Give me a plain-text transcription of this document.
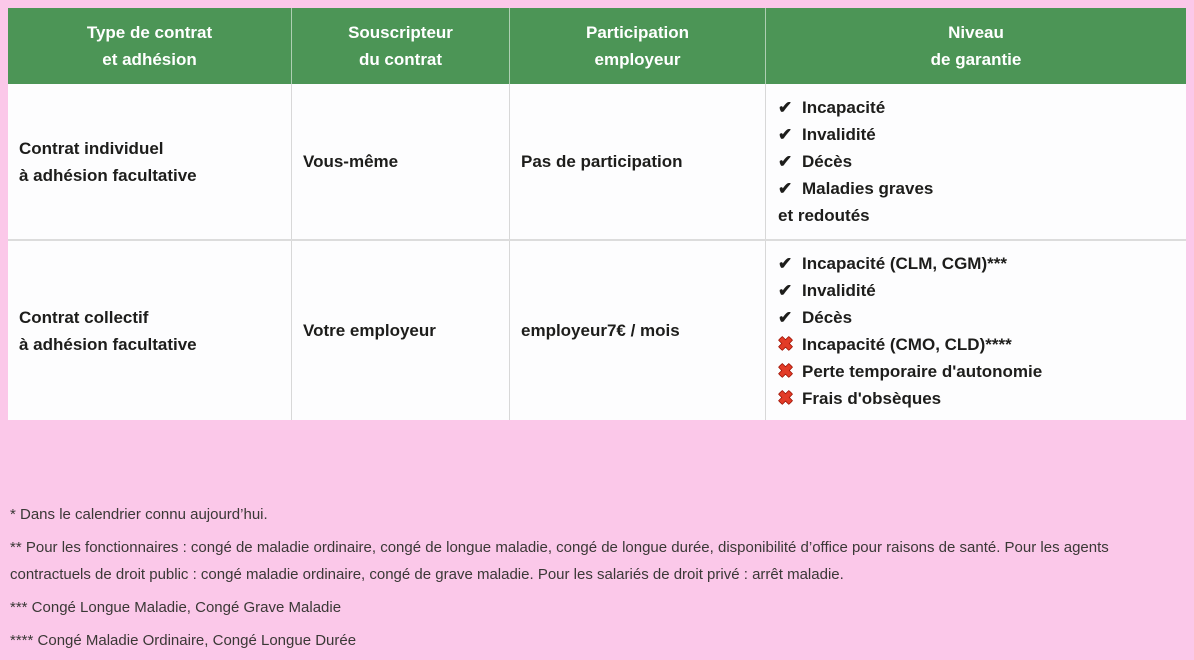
Type de contrat
et adhésion
Souscripteur
du contrat
Participation
employeur
Niveau
de garantie
Contrat individuel
à adhésion facultative
Vous-même	Pas de participation
✔ Incapacité
✔ Invalidité
✔ Décès
✔ Maladies graves
et redoutés
Contrat collectif
à adhésion facultative
Votre employeur	employeur7€ / mois
✔ Incapacité (CLM, CGM)***
✔ Invalidité
✔ Décès
✖ Incapacité (CMO, CLD)****
✖ Perte temporaire d'autonomie
✖ Frais d'obsèques
* Dans le calendrier connu aujourd’hui.
** Pour les fonctionnaires : congé de maladie ordinaire, congé de longue maladie, congé de longue durée, disponibilité d’office pour raisons de santé. Pour les agents contractuels de droit public : congé maladie ordinaire, congé de grave maladie. Pour les salariés de droit privé : arrêt maladie.
*** Congé Longue Maladie, Congé Grave Maladie
**** Congé Maladie Ordinaire, Congé Longue Durée
